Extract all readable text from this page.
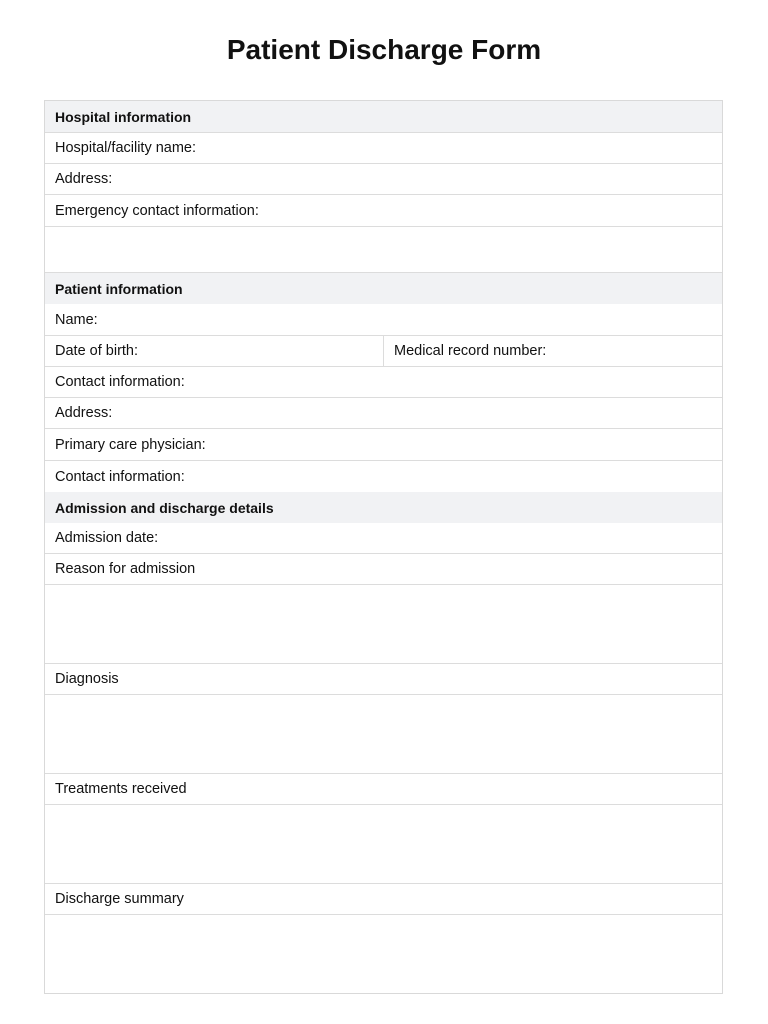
Patient Discharge Form
Hospital information
Hospital/facility name:
Address:
Emergency contact information:
Patient information
Name:
Date of birth:	Medical record number:
Contact information:
Address:
Primary care physician:
Contact information:
Admission and discharge details
Admission date:
Reason for admission
Diagnosis
Treatments received
Discharge summary
